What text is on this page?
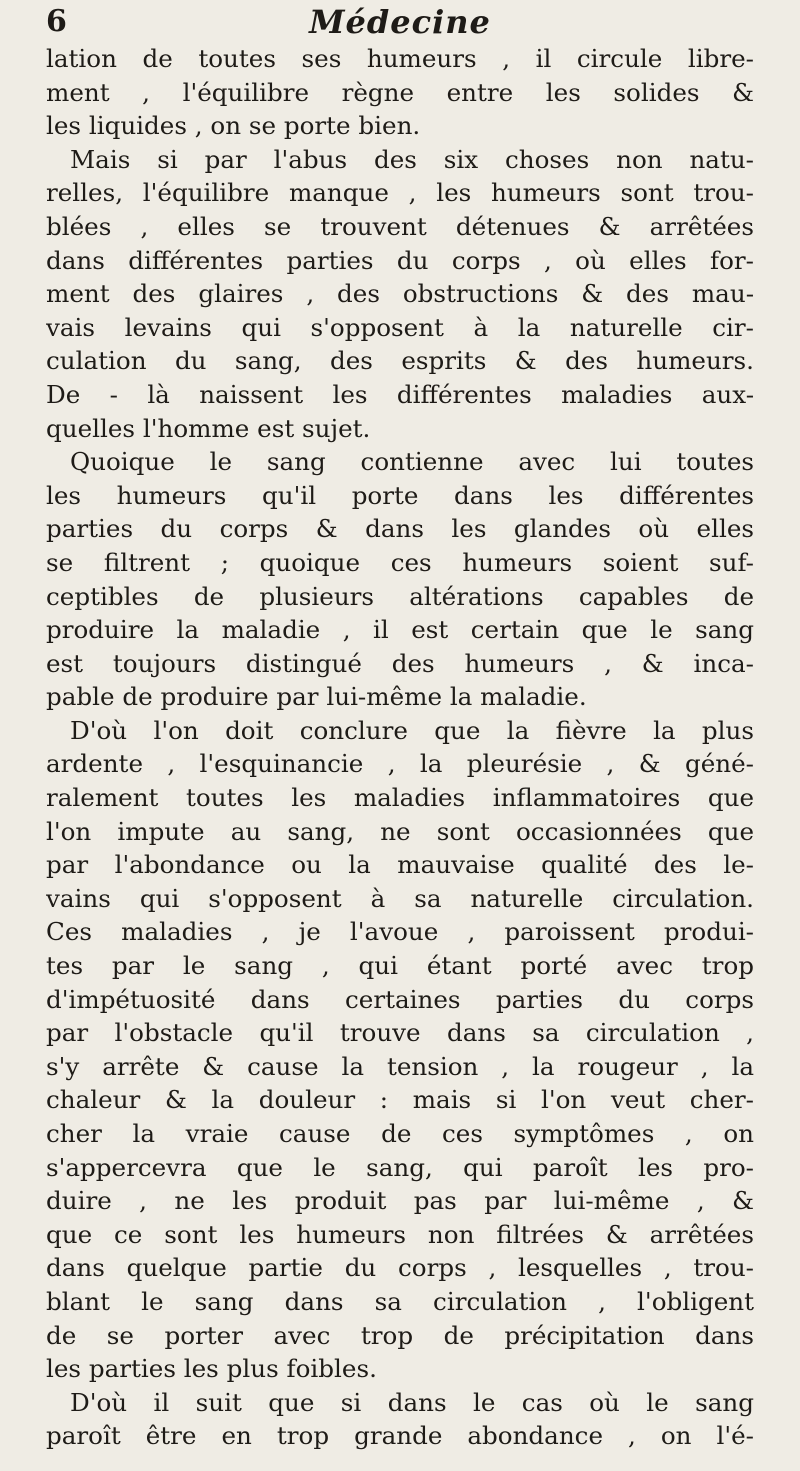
6	Médecine
lation de toutes ses humeurs , il circule libre-
ment , l'équilibre règne entre les solides &
les liquides , on se porte bien.
Mais si par l'abus des six choses non natu-
relles, l'équilibre manque , les humeurs sont trou-
blées , elles se trouvent détenues & arrêtées
dans différentes parties du corps , où elles for-
ment des glaires , des obstructions & des mau-
vais levains qui s'opposent à la naturelle cir-
culation du sang, des esprits & des humeurs.
De - là naissent les différentes maladies aux-
quelles l'homme est sujet.
Quoique le sang contienne avec lui toutes
les humeurs qu'il porte dans les différentes
parties du corps & dans les glandes où elles
se filtrent ; quoique ces humeurs soient suf-
ceptibles de plusieurs altérations capables de
produire la maladie , il est certain que le sang
est toujours distingué des humeurs , & inca-
pable de produire par lui-même la maladie.
D'où l'on doit conclure que la fièvre la plus
ardente , l'esquinancie , la pleurésie , & géné-
ralement toutes les maladies inflammatoires que
l'on impute au sang, ne sont occasionnées que
par l'abondance ou la mauvaise qualité des le-
vains qui s'opposent à sa naturelle circulation.
Ces maladies , je l'avoue , paroissent produi-
tes par le sang , qui étant porté avec trop
d'impétuosité dans certaines parties du corps
par l'obstacle qu'il trouve dans sa circulation ,
s'y arrête & cause la tension , la rougeur , la
chaleur & la douleur : mais si l'on veut cher-
cher la vraie cause de ces symptômes , on
s'appercevra que le sang, qui paroît les pro-
duire , ne les produit pas par lui-même , &
que ce sont les humeurs non filtrées & arrêtées
dans quelque partie du corps , lesquelles , trou-
blant le sang dans sa circulation , l'obligent
de se porter avec trop de précipitation dans
les parties les plus foibles.
D'où il suit que si dans le cas où le sang
paroît être en trop grande abondance , on l'é-
